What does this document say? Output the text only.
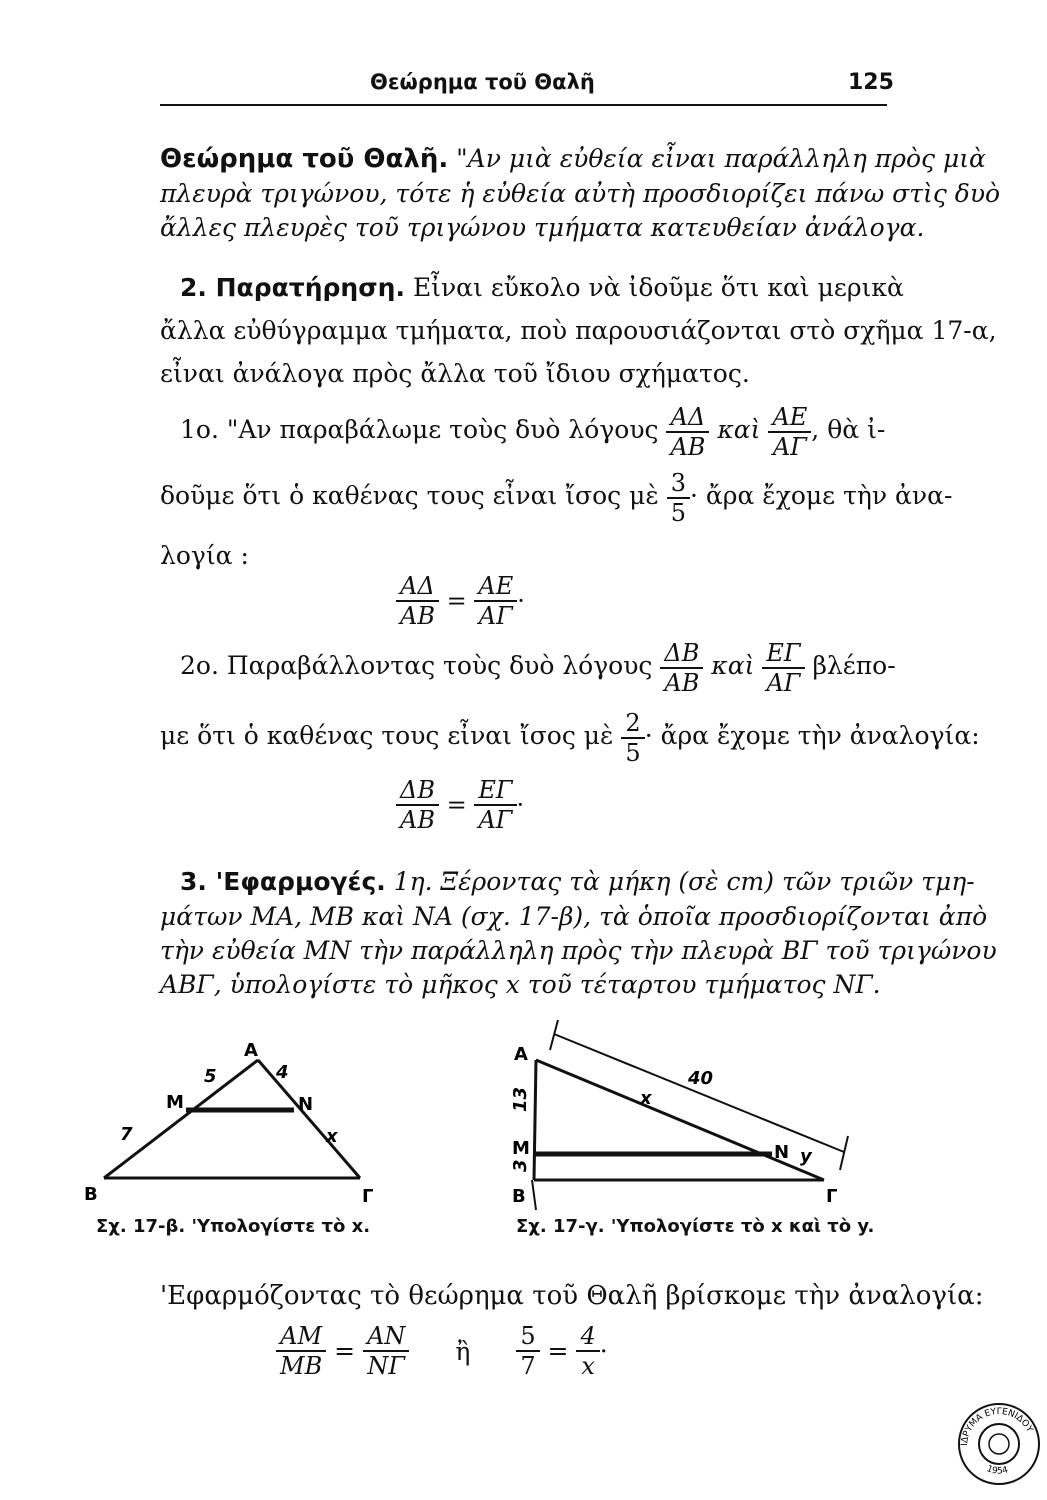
Θεώρημα τοῦ Θαλῆ	125
Θεώρημα τοῦ Θαλῆ. "Αν μιὰ εὐθεία εἶναι παράλληλη πρὸς μιὰ
πλευρὰ τριγώνου, τότε ἡ εὐθεία αὐτὴ προσδιορίζει πάνω στὶς δυὸ
ἄλλες πλευρὲς τοῦ τριγώνου τμήματα κατευθείαν ἀνάλογα.
2. Παρατήρηση. Εἶναι εὔκολο νὰ ἰδοῦμε ὅτι καὶ μερικὰ
ἄλλα εὐθύγραμμα τμήματα, ποὺ παρουσιάζονται στὸ σχῆμα 17-α,
εἶναι ἀνάλογα πρὸς ἄλλα τοῦ ἴδιου σχήματος.
1ο. "Αν παραβάλωμε τοὺς δυὸ λόγους $\frac{A\Delta}{AB}$ καὶ $\frac{AE}{A\Gamma}$ , θὰ ἰ-
δοῦμε ὅτι ὁ καθένας τους εἶναι ἴσος μὲ $\frac{3}{5}$ · ἄρα ἔχομε τὴν ἀνα-
λογία :
$\frac{A\Delta}{AB} = \frac{AE}{A\Gamma}$ ·
2ο. Παραβάλλοντας τοὺς δυὸ λόγους $\frac{\Delta B}{AB}$ καὶ $\frac{E\Gamma}{A\Gamma} \beta\lambda έ\pi o-$
με ὅτι ὁ καθένας τους εἶναι ἴσος μὲ $\frac{2}{5}$ · ἄρα ἔχομε τὴν ἀναλογία:
$\frac{\Delta B}{AB} = \frac{E\Gamma}{A\Gamma}$ ·
3. 'Εφαρμογές. 1η. Ξέροντας τὰ μήκη (σὲ cm) τῶν τριῶν τμη-
μάτων ΜΑ, ΜΒ καὶ ΝΑ (σχ. 17-β), τὰ ὁποῖα προσδιορίζονται ἀπὸ
τὴν εὐθεία ΜΝ τὴν παράλληλη πρὸς τὴν πλευρὰ ΒΓ τοῦ τριγώνου
ΑΒΓ, ὑπολογίστε τὸ μῆκος x τοῦ τέταρτου τμήματος ΝΓ.
Α
Β	Γ
Μ	Ν
5	4
7	x
Σχ. 17-β. 'Υπολογίστε τὸ x.
Α
Β	Γ
Μ	Ν
13
3
x
40
y
Σχ. 17-γ. 'Υπολογίστε τὸ x καὶ τὸ y.
'Εφαρμόζοντας τὸ θεώρημα τοῦ Θαλῆ βρίσκομε τὴν ἀναλογία:
$\frac{AM}{MB} = \frac{AN}{N\Gamma}$ ἢ $\frac{5}{7} = \frac{4}{x}$ ·
ΙΔΡΥΜΑ ΕΥΓΕΝΙΔΟΥ
1954
